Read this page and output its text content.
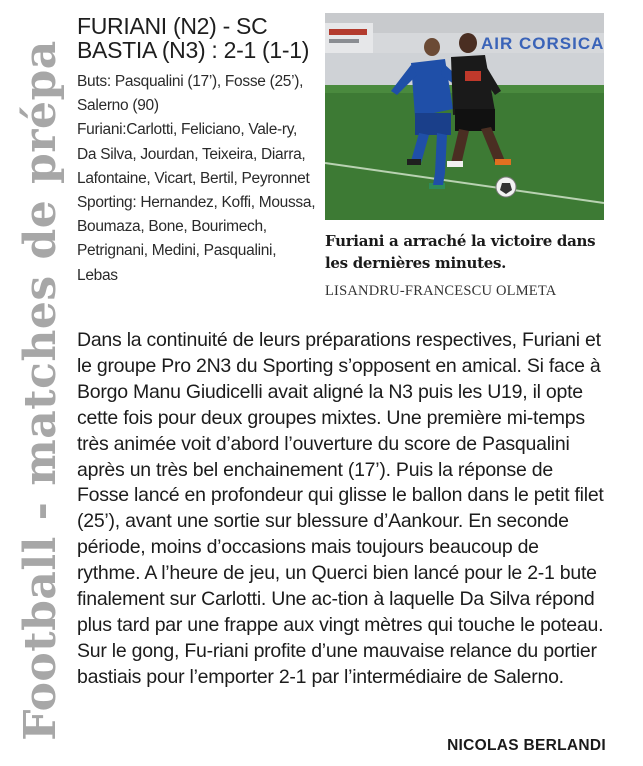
Football - matches de prépa
FURIANI (N2) - SC BASTIA (N3) : 2-1 (1-1)
Buts: Pasqualini (17’), Fosse (25’), Salerno (90)
Furiani:Carlotti, Feliciano, Vale-ry, Da Silva, Jourdan, Teixeira, Diarra, Lafontaine, Vicart, Bertil, Peyronnet
Sporting: Hernandez, Koffi, Moussa, Boumaza, Bone, Bourimech, Petrignani, Medini, Pasqualini, Lebas
AIR CORSICA
Furiani a arraché la victoire dans les dernières minutes.
LISANDRU-FRANCESCU OLMETA
Dans la continuité de leurs préparations respectives, Furiani et le groupe Pro 2N3 du Sporting s’opposent en amical. Si face à Borgo Manu Giudicelli avait aligné la N3 puis les U19, il opte cette fois pour deux groupes mixtes. Une première mi-temps très animée voit d’abord l’ouverture du score de Pasqualini après un très bel enchainement (17’). Puis la réponse de Fosse lancé en profondeur qui glisse le ballon dans le petit filet (25’), avant une sortie sur blessure d’Aankour. En seconde période, moins d’occasions mais toujours beaucoup de rythme. A l’heure de jeu, un Querci bien lancé pour le 2-1 bute finalement sur Carlotti. Une ac-tion à laquelle Da Silva répond plus tard par une frappe aux vingt mètres qui touche le poteau. Sur le gong, Fu-riani profite d’une mauvaise relance du portier bastiais pour l’emporter 2-1 par l’intermédiaire de Salerno.
NICOLAS BERLANDI
